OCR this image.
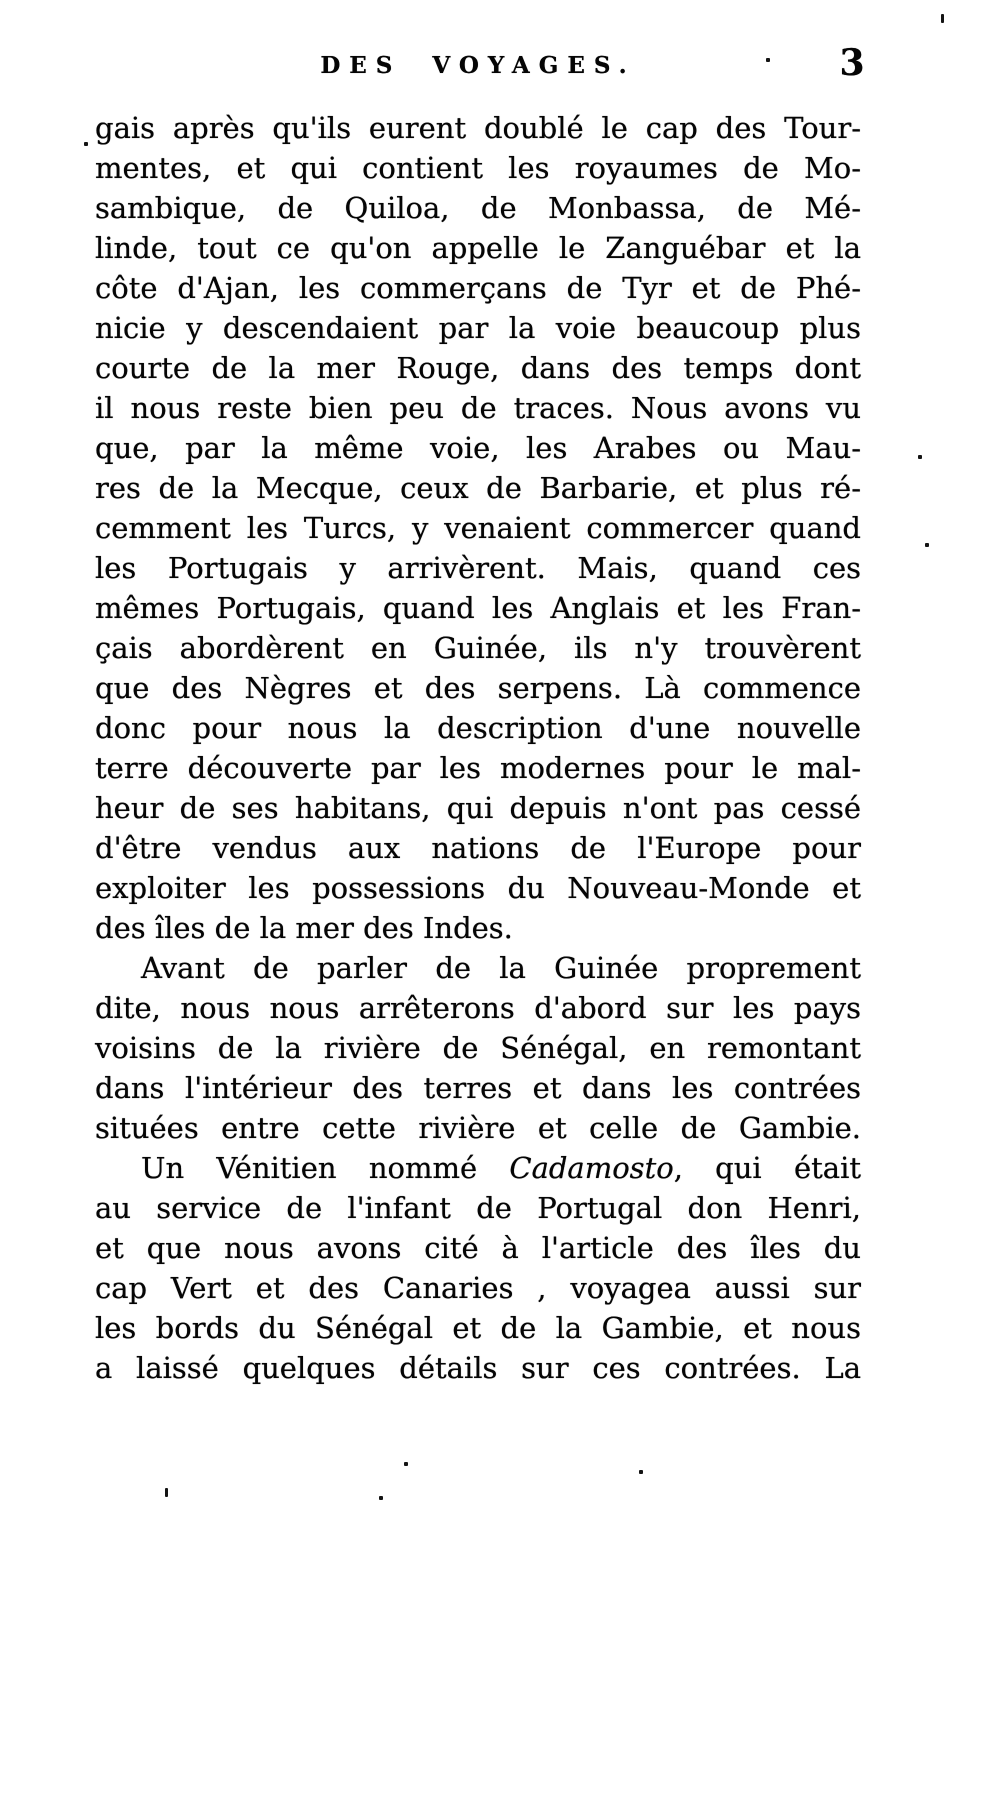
DES VOYAGES.	3
gais après qu'ils eurent doublé le cap des Tour-
mentes, et qui contient les royaumes de Mo-
sambique, de Quiloa, de Monbassa, de Mé-
linde, tout ce qu'on appelle le Zanguébar et la
côte d'Ajan, les commerçans de Tyr et de Phé-
nicie y descendaient par la voie beaucoup plus
courte de la mer Rouge, dans des temps dont
il nous reste bien peu de traces. Nous avons vu
que, par la même voie, les Arabes ou Mau-
res de la Mecque, ceux de Barbarie, et plus ré-
cemment les Turcs, y venaient commercer quand
les Portugais y arrivèrent. Mais, quand ces
mêmes Portugais, quand les Anglais et les Fran-
çais abordèrent en Guinée, ils n'y trouvèrent
que des Nègres et des serpens. Là commence
donc pour nous la description d'une nouvelle
terre découverte par les modernes pour le mal-
heur de ses habitans, qui depuis n'ont pas cessé
d'être vendus aux nations de l'Europe pour
exploiter les possessions du Nouveau-Monde et
des îles de la mer des Indes.
Avant de parler de la Guinée proprement
dite, nous nous arrêterons d'abord sur les pays
voisins de la rivière de Sénégal, en remontant
dans l'intérieur des terres et dans les contrées
situées entre cette rivière et celle de Gambie.
Un Vénitien nommé Cadamosto, qui était
au service de l'infant de Portugal don Henri,
et que nous avons cité à l'article des îles du
cap Vert et des Canaries , voyagea aussi sur
les bords du Sénégal et de la Gambie, et nous
a laissé quelques détails sur ces contrées. La
